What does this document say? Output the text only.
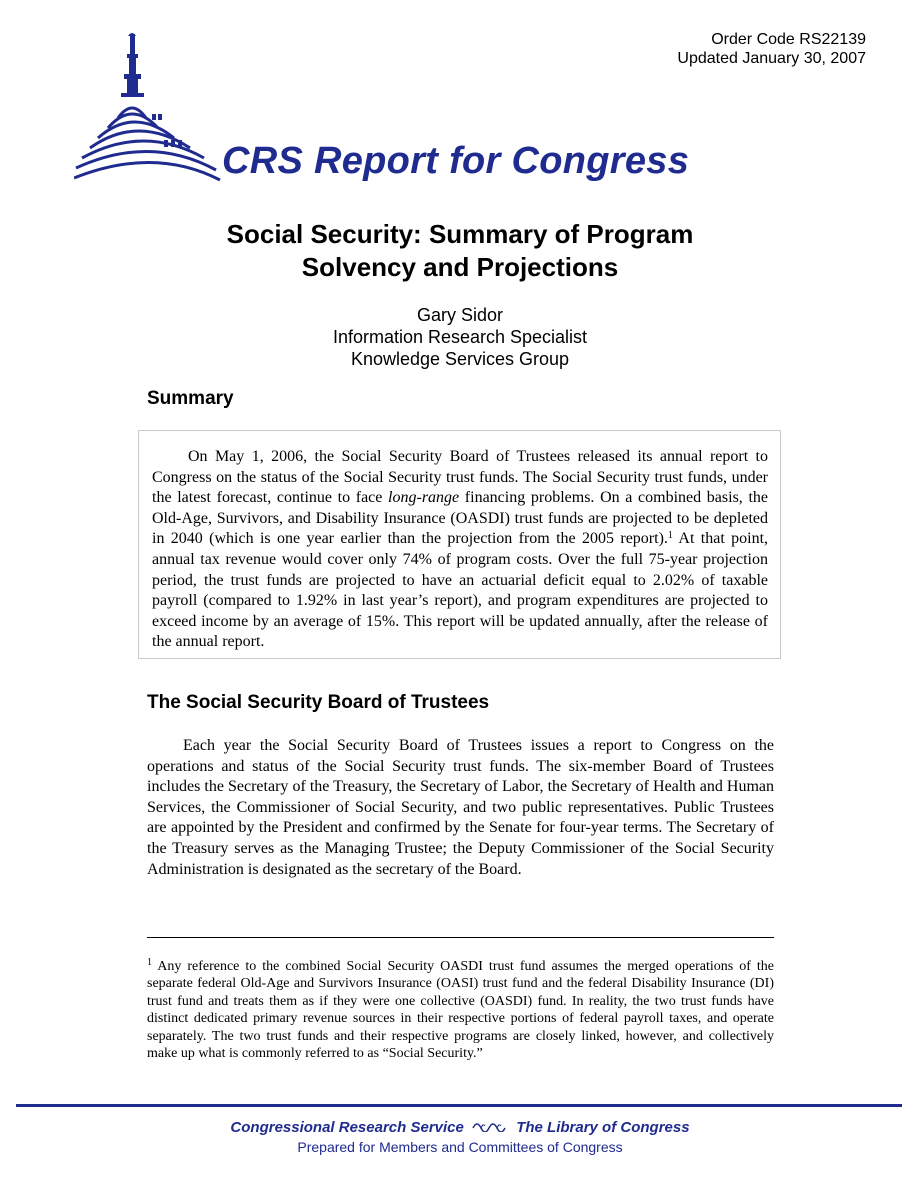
Order Code RS22139
Updated January 30, 2007
CRS Report for Congress
Social Security: Summary of Program
Solvency and Projections
Gary Sidor
Information Research Specialist
Knowledge Services Group
Summary

On May 1, 2006, the Social Security Board of Trustees released its annual report to Congress on the status of the Social Security trust funds. The Social Security trust funds, under the latest forecast, continue to face long-range financing problems. On a combined basis, the Old-Age, Survivors, and Disability Insurance (OASDI) trust funds are projected to be depleted in 2040 (which is one year earlier than the projection from the 2005 report).$^1$ At that point, annual tax revenue would cover only 74% of program costs. Over the full 75-year projection period, the trust funds are projected to have an actuarial deficit equal to 2.02% of taxable payroll (compared to 1.92% in last year’s report), and program expenditures are projected to exceed income by an average of 15%. This report will be updated annually, after the release of the annual report.

The Social Security Board of Trustees

Each year the Social Security Board of Trustees issues a report to Congress on the operations and status of the Social Security trust funds. The six-member Board of Trustees includes the Secretary of the Treasury, the Secretary of Labor, the Secretary of Health and Human Services, the Commissioner of Social Security, and two public representatives. Public Trustees are appointed by the President and confirmed by the Senate for four-year terms. The Secretary of the Treasury serves as the Managing Trustee; the Deputy Commissioner of the Social Security Administration is designated as the secretary of the Board.

$^1$ Any reference to the combined Social Security OASDI trust fund assumes the merged operations of the separate federal Old-Age and Survivors Insurance (OASI) trust fund and the federal Disability Insurance (DI) trust fund and treats them as if they were one collective (OASDI) fund. In reality, the two trust funds have distinct dedicated primary revenue sources in their respective portions of federal payroll taxes, and operate separately. The two trust funds and their respective programs are closely linked, however, and collectively make up what is commonly referred to as “Social Security.”

Congressional Research Service	The Library of Congress
Prepared for Members and Committees of Congress
